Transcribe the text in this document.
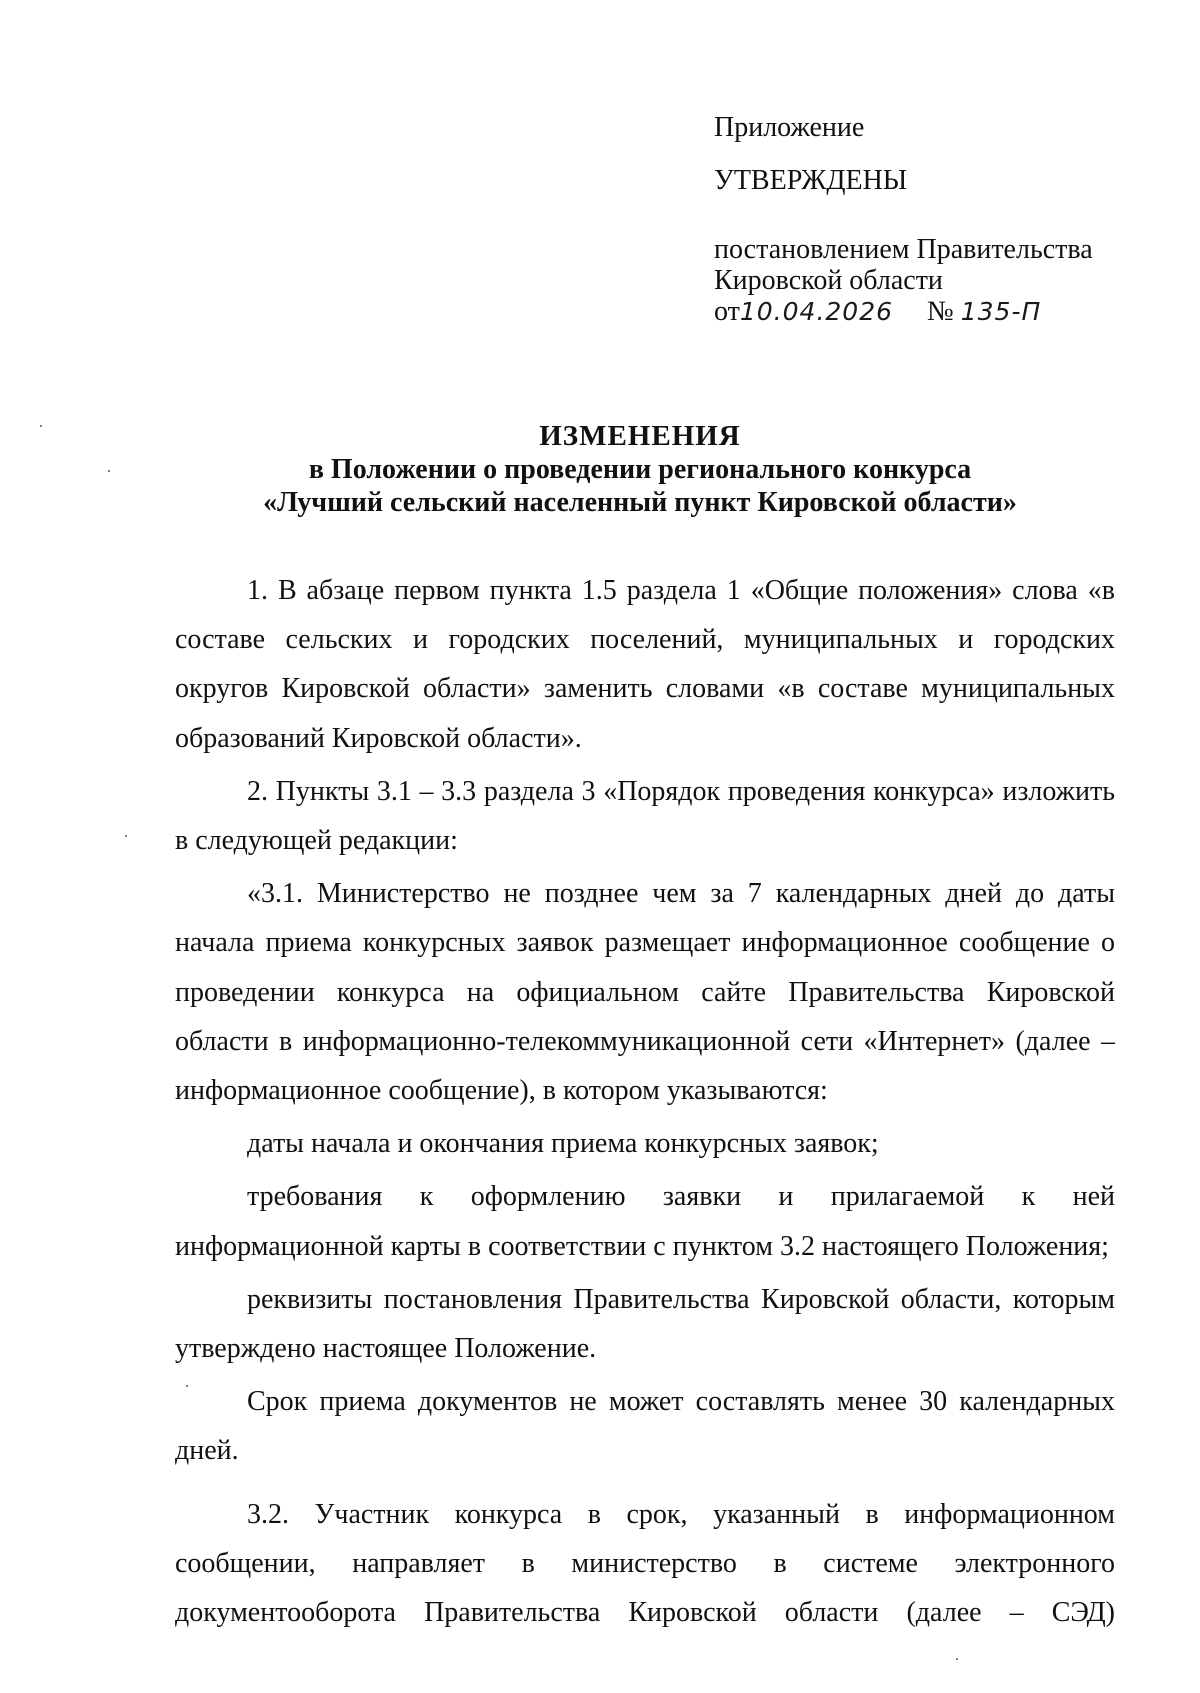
Приложение
УТВЕРЖДЕНЫ
постановлением Правительства
Кировской области
от10.04.2026 № 135-П
ИЗМЕНЕНИЯ
в Положении о проведении регионального конкурса
«Лучший сельский населенный пункт Кировской области»

1. В абзаце первом пункта 1.5 раздела 1 «Общие положения» слова «в составе сельских и городских поселений, муниципальных и городских округов Кировской области» заменить словами «в составе муниципальных образований Кировской области».

2. Пункты 3.1 – 3.3 раздела 3 «Порядок проведения конкурса» изложить в следующей редакции:

«3.1. Министерство не позднее чем за 7 календарных дней до даты начала приема конкурсных заявок размещает информационное сообщение о проведении конкурса на официальном сайте Правительства Кировской области в информационно-телекоммуникационной сети «Интернет» (далее – информационное сообщение), в котором указываются:

даты начала и окончания приема конкурсных заявок;

требования к оформлению заявки и прилагаемой к ней информационной карты в соответствии с пунктом 3.2 настоящего Положения;

реквизиты постановления Правительства Кировской области, которым утверждено настоящее Положение.

Срок приема документов не может составлять менее 30 календарных дней.

3.2. Участник конкурса в срок, указанный в информационном сообщении, направляет в министерство в системе электронного документооборота Правительства Кировской области (далее – СЭД)
